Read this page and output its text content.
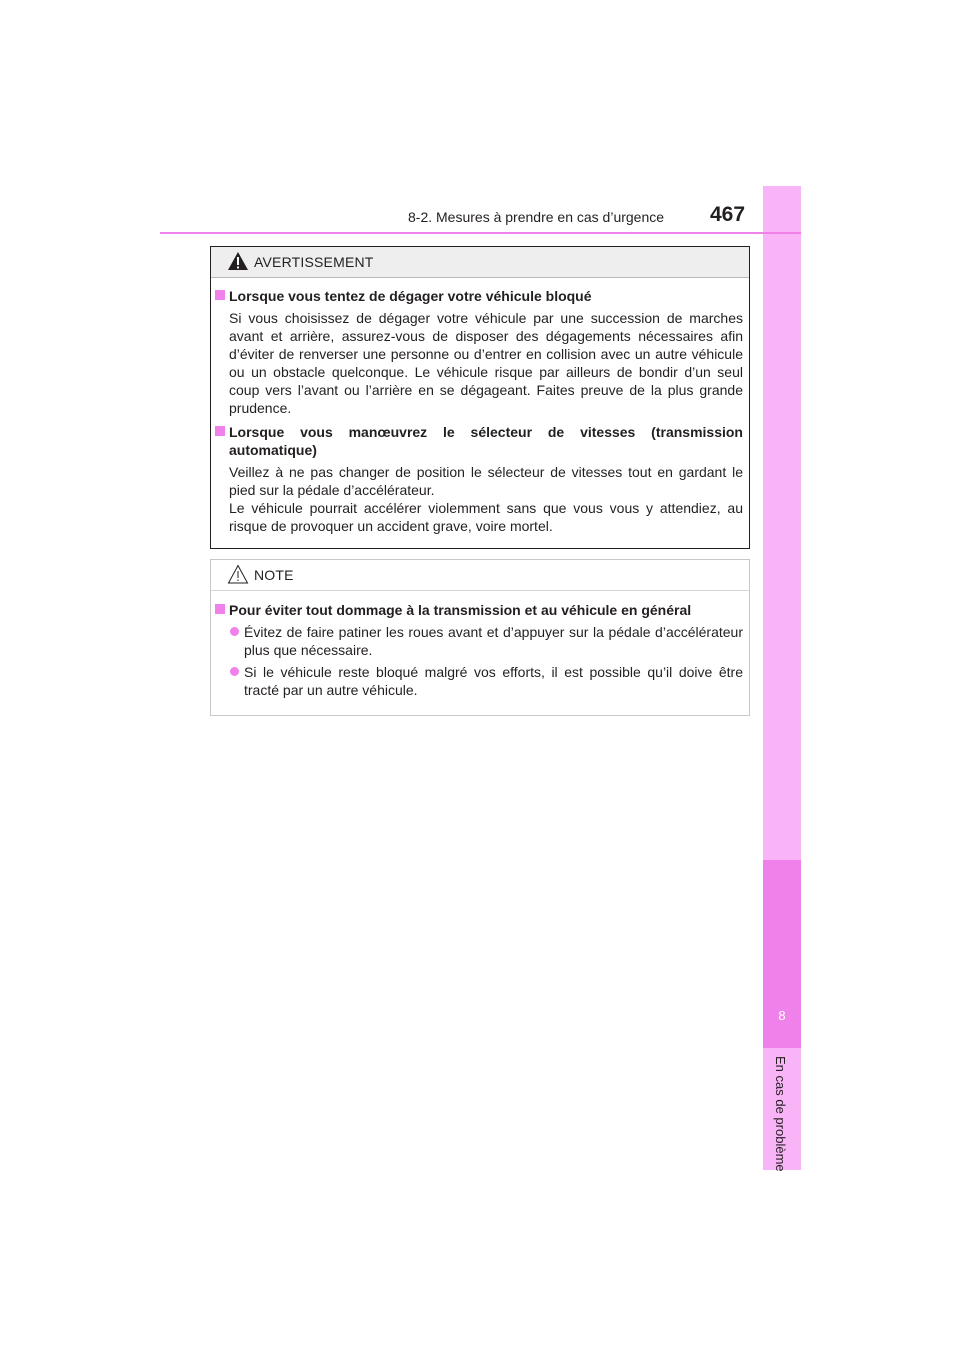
8
En cas de problème
8-2. Mesures à prendre en cas d’urgence 467
AVERTISSEMENT
Lorsque vous tentez de dégager votre véhicule bloqué

Si vous choisissez de dégager votre véhicule par une succession de marches avant et arrière, assurez-vous de disposer des dégagements nécessaires afin d’éviter de renverser une personne ou d’entrer en collision avec un autre véhicule ou un obstacle quelconque. Le véhicule risque par ailleurs de bondir d’un seul coup vers l’avant ou l’arrière en se dégageant. Faites preuve de la plus grande prudence.

Lorsque vous manœuvrez le sélecteur de vitesses (transmission automatique)

Veillez à ne pas changer de position le sélecteur de vitesses tout en gardant le pied sur la pédale d’accélérateur.

Le véhicule pourrait accélérer violemment sans que vous vous y attendiez, au risque de provoquer un accident grave, voire mortel.

NOTE
Pour éviter tout dommage à la transmission et au véhicule en général

Évitez de faire patiner les roues avant et d’appuyer sur la pédale d’accélérateur plus que nécessaire.

Si le véhicule reste bloqué malgré vos efforts, il est possible qu’il doive être tracté par un autre véhicule.
